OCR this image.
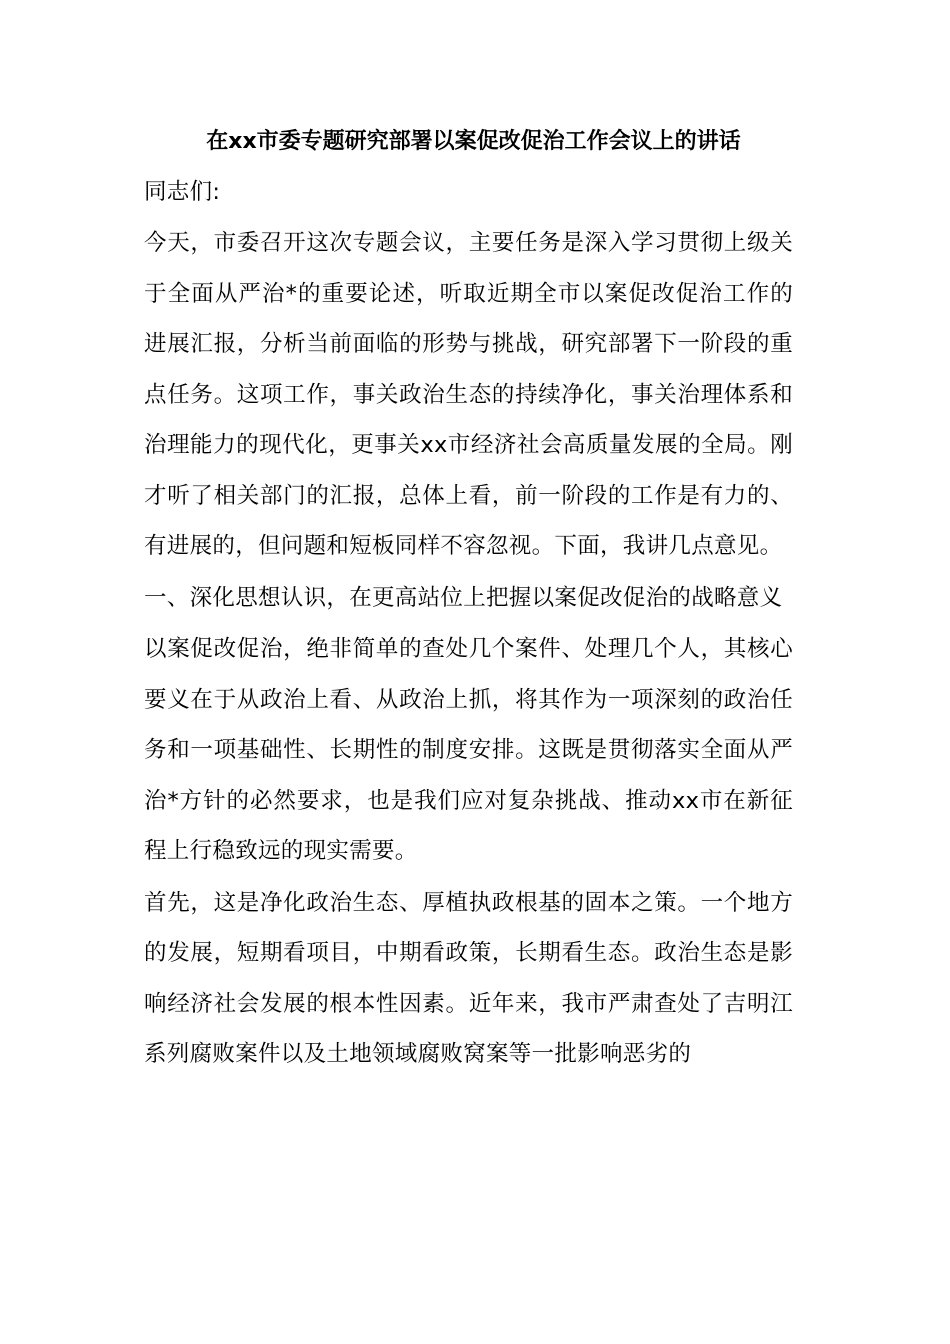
在xx市委专题研究部署以案促改促治工作会议上的讲话
同志们:
今天，市委召开这次专题会议，主要任务是深入学习贯彻上级关于全面从严治*的重要论述，听取近期全市以案促改促治工作的进展汇报，分析当前面临的形势与挑战，研究部署下一阶段的重点任务。这项工作，事关政治生态的持续净化，事关治理体系和治理能力的现代化，更事关xx市经济社会高质量发展的全局。刚才听了相关部门的汇报，总体上看，前一阶段的工作是有力的、有进展的，但问题和短板同样不容忽视。下面，我讲几点意见。
一、深化思想认识，在更高站位上把握以案促改促治的战略意义
以案促改促治，绝非简单的查处几个案件、处理几个人，其核心要义在于从政治上看、从政治上抓，将其作为一项深刻的政治任务和一项基础性、长期性的制度安排。这既是贯彻落实全面从严治*方针的必然要求，也是我们应对复杂挑战、推动xx市在新征程上行稳致远的现实需要。
首先，这是净化政治生态、厚植执政根基的固本之策。一个地方的发展，短期看项目，中期看政策，长期看生态。政治生态是影响经济社会发展的根本性因素。近年来，我市严肃查处了吉明江系列腐败案件以及土地领域腐败窝案等一批影响恶劣的
